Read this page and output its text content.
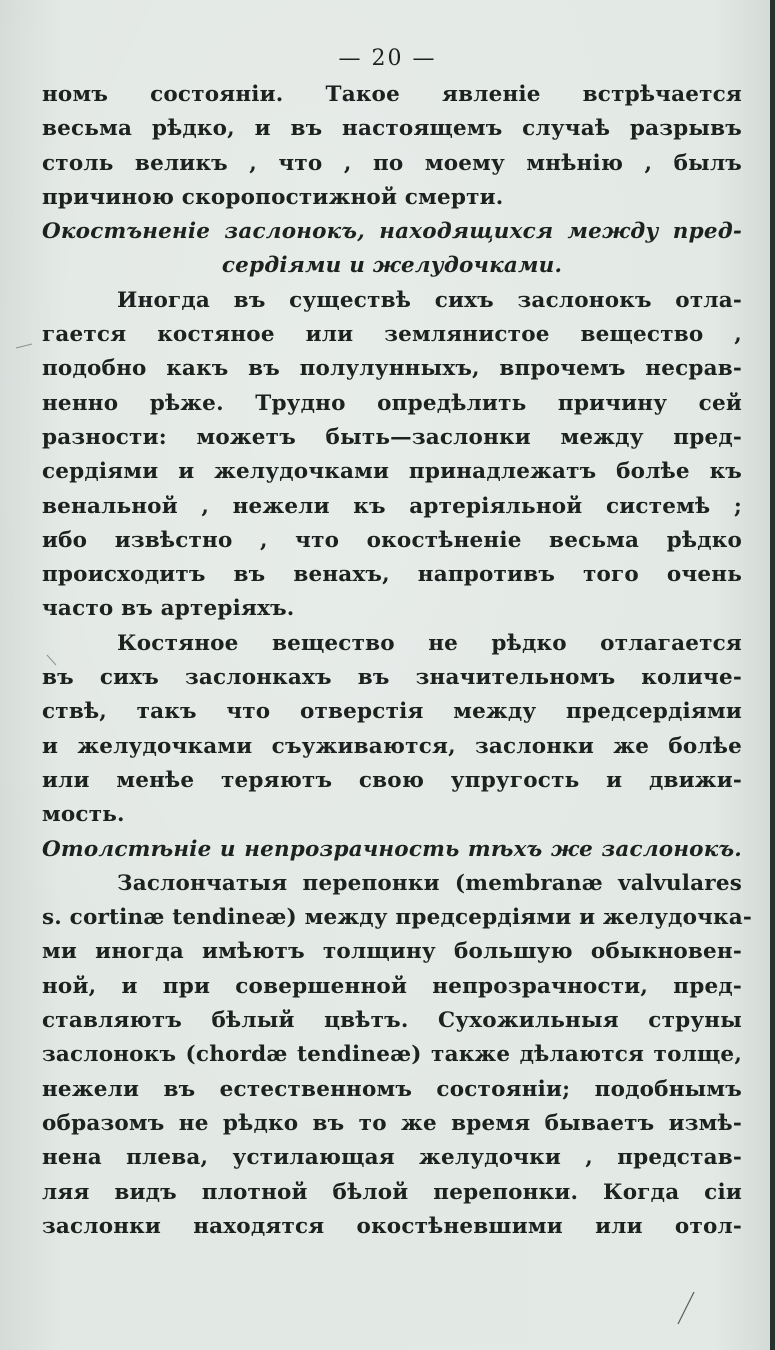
— 20 —
номъ состояніи. Такое явленіе встрѣчается
весьма рѣдко, и въ настоящемъ случаѣ разрывъ
столь великъ , что , по моему мнѣнію , былъ
причиною скоропостижной смерти.
Окостъненіе заслонокъ, находящихся между пред-
сердіями и желудочками.
Иногда въ существѣ сихъ заслонокъ отла-
гается костяное или землянистое вещество ,
подобно какъ въ полулунныхъ, впрочемъ несрав-
ненно рѣже. Трудно опредѣлить причину сей
разности: можетъ быть—заслонки между пред-
сердіями и желудочками принадлежатъ болѣе къ
венальной , нежели къ артеріяльной системѣ ;
ибо извѣстно , что окостѣненіе весьма рѣдко
происходитъ въ венахъ, напротивъ того очень
часто въ артеріяхъ.
Костяное вещество не рѣдко отлагается
въ сихъ заслонкахъ въ значительномъ количе-
ствѣ, такъ что отверстія между предсердіями
и желудочками съуживаются, заслонки же болѣе
или менѣе теряютъ свою упругость и движи-
мость.
Отолстѣніе и непрозрачность тѣхъ же заслонокъ.
Заслончатыя перепонки (membranæ valvulares
s. cortinæ tendineæ) между предсердіями и желудочка-
ми иногда имѣютъ толщину большую обыкновен-
ной, и при совершенной непрозрачности, пред-
ставляютъ бѣлый цвѣтъ. Сухожильныя струны
заслонокъ (chordæ tendineæ) также дѣлаются толще,
нежели въ естественномъ состояніи; подобнымъ
образомъ не рѣдко въ то же время бываетъ измѣ-
нена плева, устилающая желудочки , предстaв-
ляя видъ плотной бѣлой перепонки. Когда сіи
заслонки находятся окостѣневшими или отол-
